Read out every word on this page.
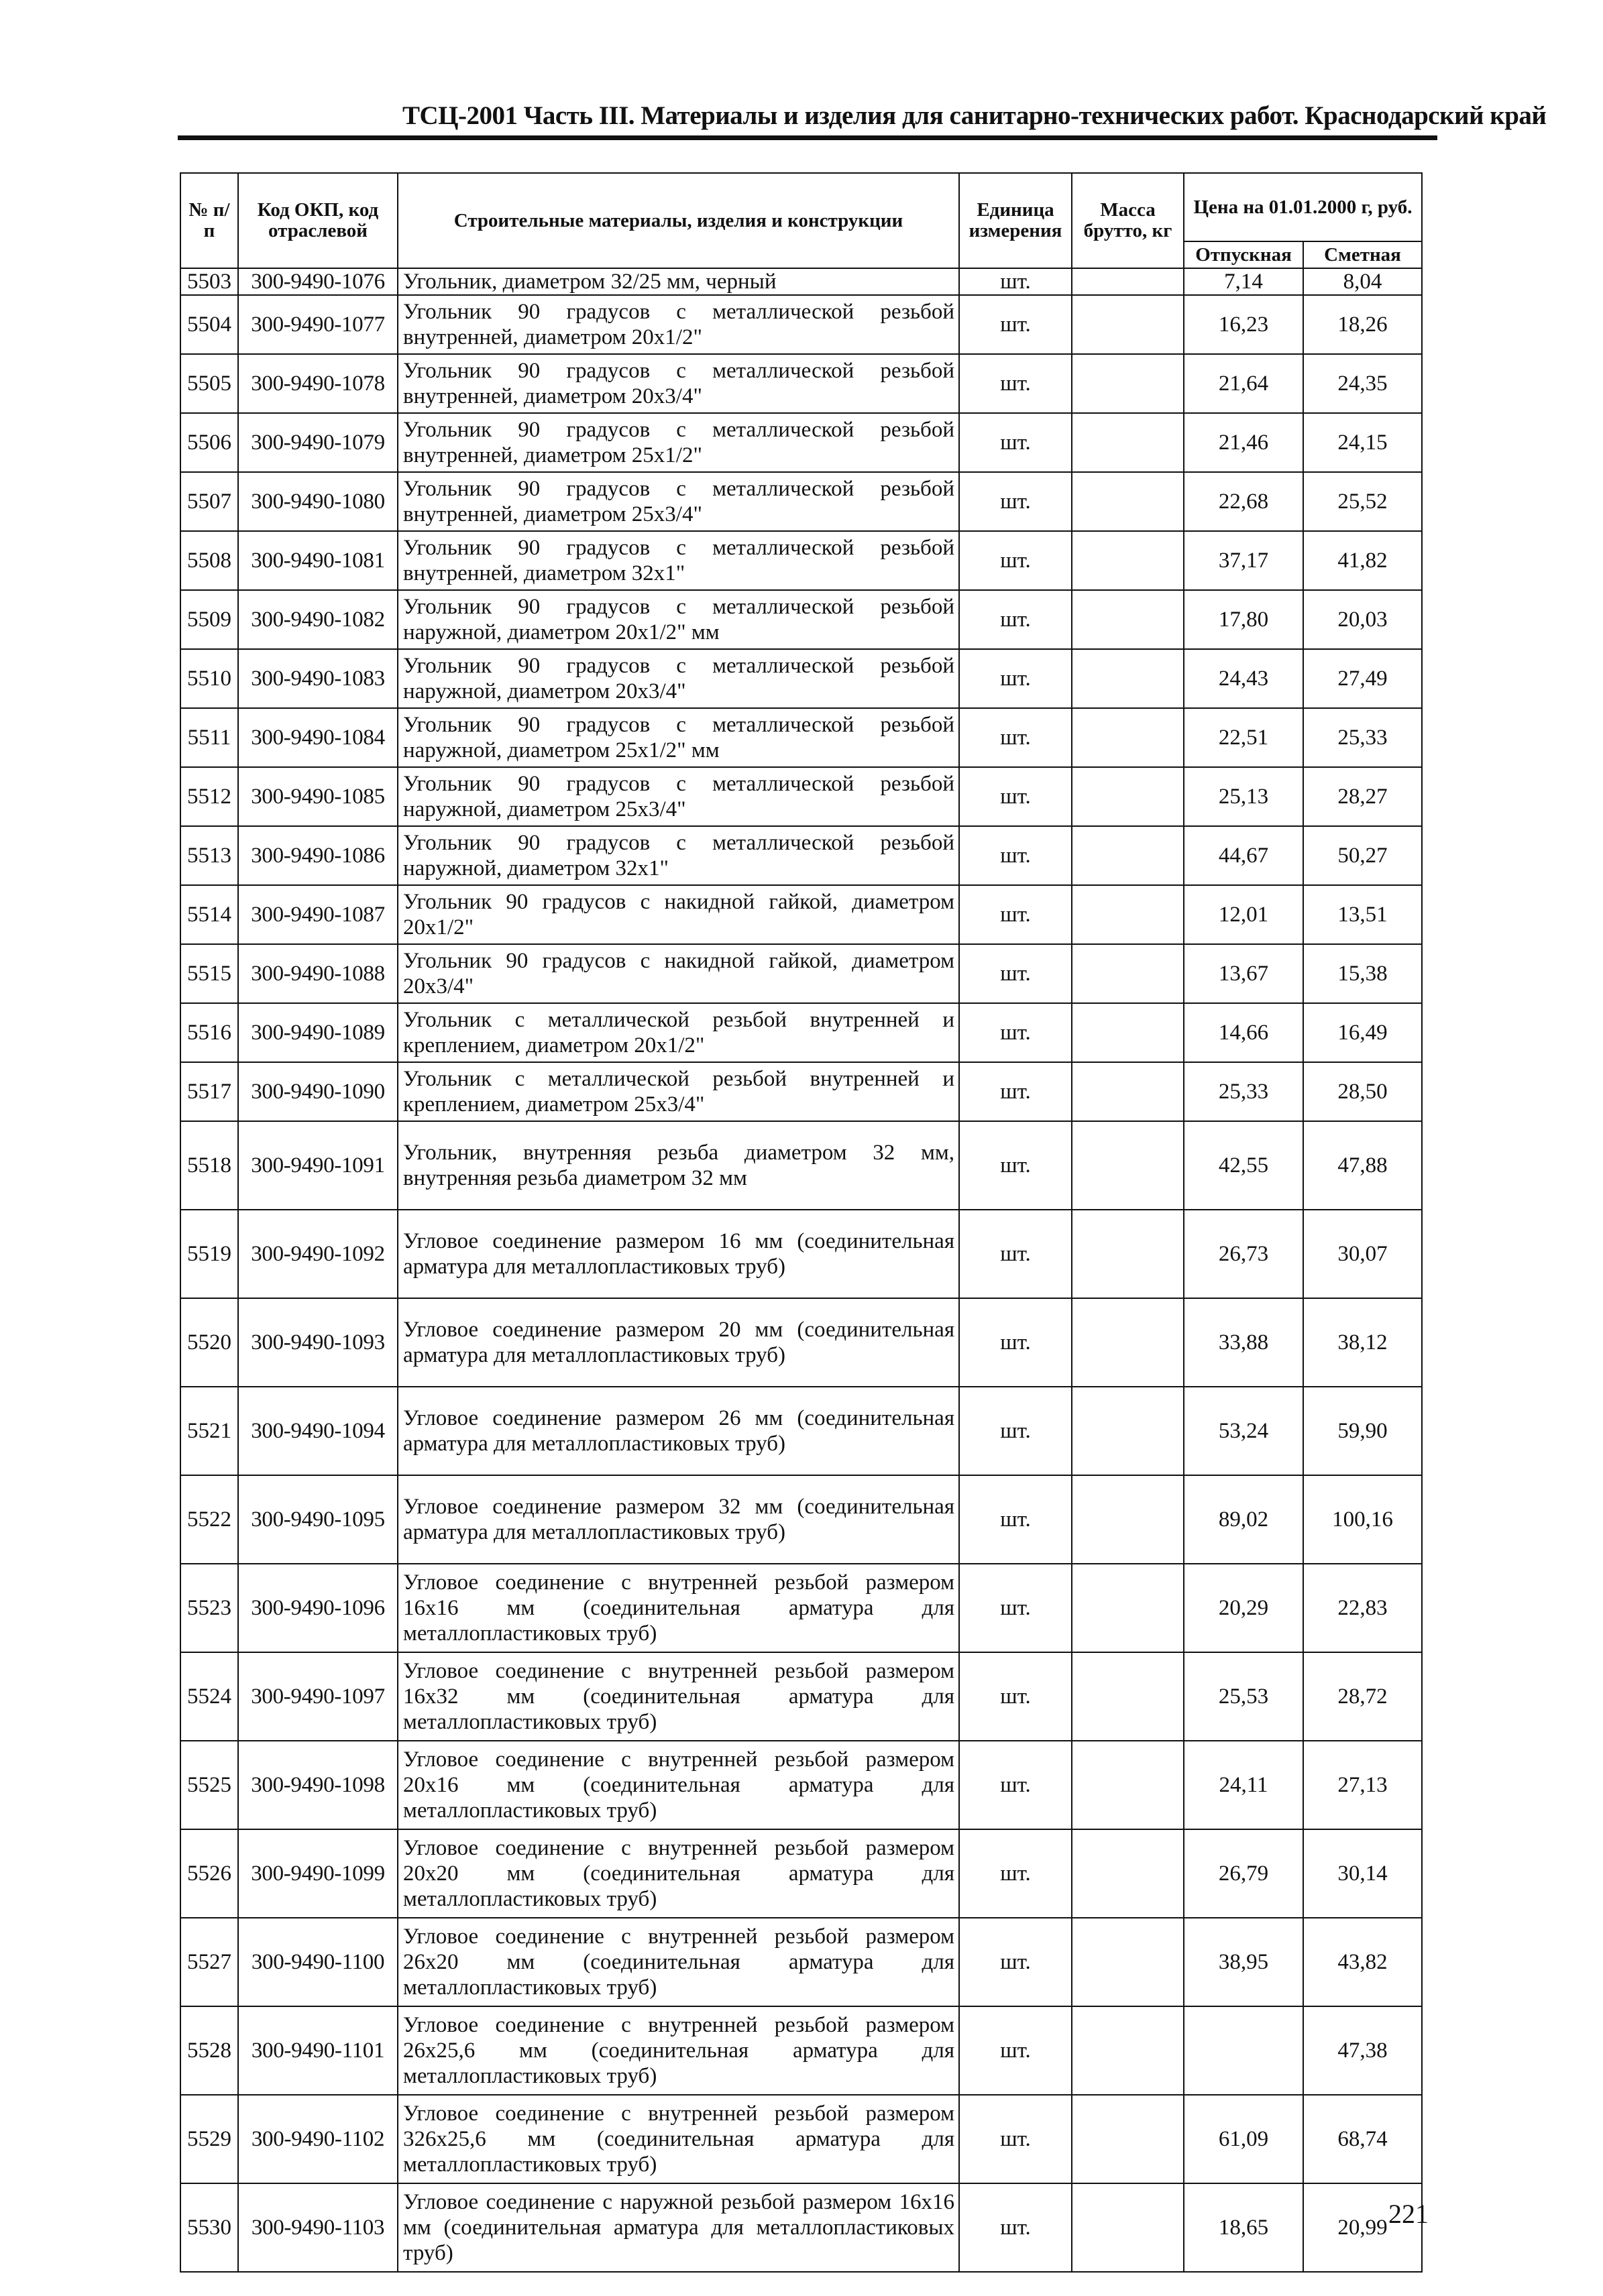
ТСЦ-2001 Часть III. Материалы и изделия для санитарно-технических работ. Краснодарский край
№ п/п	Код ОКП, код отраслевой	Строительные материалы, изделия и конструкции	Единица измерения	Масса брутто, кг	Цена на 01.01.2000 г, руб.	
					Отпускная	Сметная
5503	300-9490-1076	Угольник, диаметром 32/25 мм, черный	шт.		7,14	8,04
5504	300-9490-1077	Угольник 90 градусов с металлической резьбой внутренней, диаметром 20х1/2"	шт.		16,23	18,26
5505	300-9490-1078	Угольник 90 градусов с металлической резьбой внутренней, диаметром 20х3/4"	шт.		21,64	24,35
5506	300-9490-1079	Угольник 90 градусов с металлической резьбой внутренней, диаметром 25х1/2"	шт.		21,46	24,15
5507	300-9490-1080	Угольник 90 градусов с металлической резьбой внутренней, диаметром 25х3/4"	шт.		22,68	25,52
5508	300-9490-1081	Угольник 90 градусов с металлической резьбой внутренней, диаметром 32х1"	шт.		37,17	41,82
5509	300-9490-1082	Угольник 90 градусов с металлической резьбой наружной, диаметром 20х1/2" мм	шт.		17,80	20,03
5510	300-9490-1083	Угольник 90 градусов с металлической резьбой наружной, диаметром 20х3/4"	шт.		24,43	27,49
5511	300-9490-1084	Угольник 90 градусов с металлической резьбой наружной, диаметром 25х1/2" мм	шт.		22,51	25,33
5512	300-9490-1085	Угольник 90 градусов с металлической резьбой наружной, диаметром 25х3/4"	шт.		25,13	28,27
5513	300-9490-1086	Угольник 90 градусов с металлической резьбой наружной, диаметром 32х1"	шт.		44,67	50,27
5514	300-9490-1087	Угольник 90 градусов с накидной гайкой, диаметром 20х1/2"	шт.		12,01	13,51
5515	300-9490-1088	Угольник 90 градусов с накидной гайкой, диаметром 20х3/4"	шт.		13,67	15,38
5516	300-9490-1089	Угольник с металлической резьбой внутренней и креплением, диаметром 20х1/2"	шт.		14,66	16,49
5517	300-9490-1090	Угольник с металлической резьбой внутренней и креплением, диаметром 25х3/4"	шт.		25,33	28,50
5518	300-9490-1091	Угольник, внутренняя резьба диаметром 32 мм, внутренняя резьба диаметром 32 мм	шт.		42,55	47,88
5519	300-9490-1092	Угловое соединение размером 16 мм (соединительная арматура для металлопластиковых труб)	шт.		26,73	30,07
5520	300-9490-1093	Угловое соединение размером 20 мм (соединительная арматура для металлопластиковых труб)	шт.		33,88	38,12
5521	300-9490-1094	Угловое соединение размером 26 мм (соединительная арматура для металлопластиковых труб)	шт.		53,24	59,90
5522	300-9490-1095	Угловое соединение размером 32 мм (соединительная арматура для металлопластиковых труб)	шт.		89,02	100,16
5523	300-9490-1096	Угловое соединение с внутренней резьбой размером 16х16 мм (соединительная арматура для металлопластиковых труб)	шт.		20,29	22,83
5524	300-9490-1097	Угловое соединение с внутренней резьбой размером 16х32 мм (соединительная арматура для металлопластиковых труб)	шт.		25,53	28,72
5525	300-9490-1098	Угловое соединение с внутренней резьбой размером 20х16 мм (соединительная арматура для металлопластиковых труб)	шт.		24,11	27,13
5526	300-9490-1099	Угловое соединение с внутренней резьбой размером 20х20 мм (соединительная арматура для металлопластиковых труб)	шт.		26,79	30,14
5527	300-9490-1100	Угловое соединение с внутренней резьбой размером 26х20 мм (соединительная арматура для металлопластиковых труб)	шт.		38,95	43,82
5528	300-9490-1101	Угловое соединение с внутренней резьбой размером 26х25,6 мм (соединительная арматура для металлопластиковых труб)	шт.			47,38
5529	300-9490-1102	Угловое соединение с внутренней резьбой размером 326х25,6 мм (соединительная арматура для металлопластиковых труб)	шт.		61,09	68,74
5530	300-9490-1103	Угловое соединение с наружной резьбой размером 16х16 мм (соединительная арматура для металлопластиковых труб)	шт.		18,65	20,99 221
